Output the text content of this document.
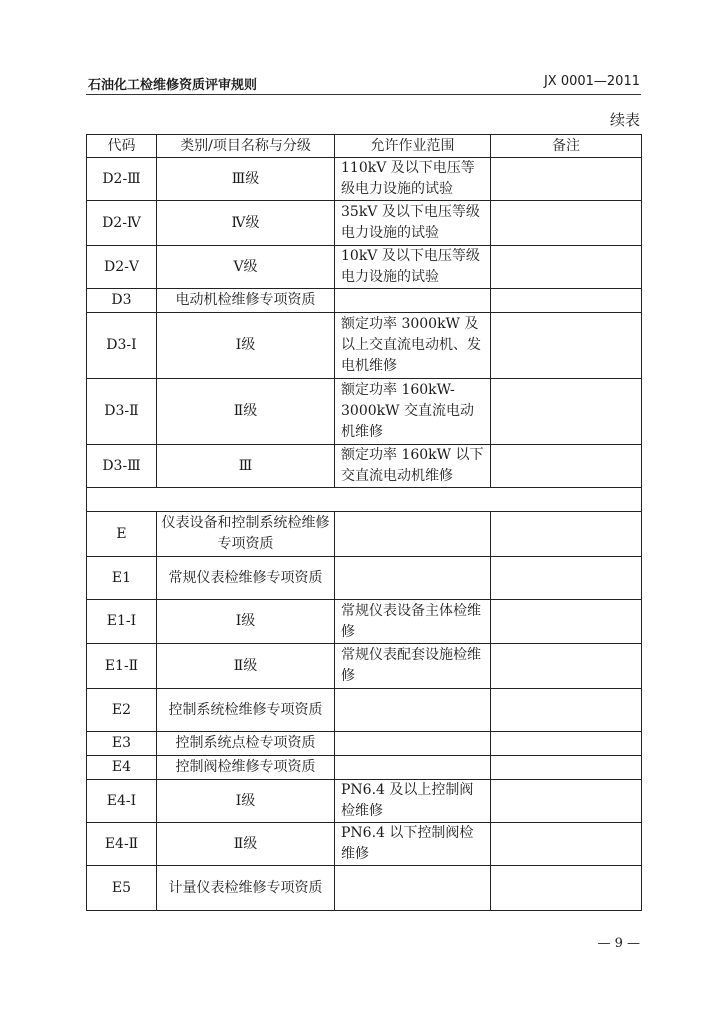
石油化工检维修资质评审规则	JX 0001—2011
续表
代码	类别/项目名称与分级	允许作业范围	备注
D2-Ⅲ	Ⅲ级	110kV 及以下电压等级电力设施的试验	
D2-Ⅳ	Ⅳ级	35kV 及以下电压等级电力设施的试验	
D2-Ⅴ	Ⅴ级	10kV 及以下电压等级电力设施的试验	
D3	电动机检维修专项资质		
D3-Ⅰ	Ⅰ级	额定功率 3000kW 及以上交直流电动机、发电机维修	
D3-Ⅱ	Ⅱ级	额定功率 160kW-3000kW 交直流电动机维修	
D3-Ⅲ	Ⅲ	额定功率 160kW 以下交直流电动机维修	

E	仪表设备和控制系统检维修专项资质		
E1	常规仪表检维修专项资质		
E1-Ⅰ	Ⅰ级	常规仪表设备主体检维修	
E1-Ⅱ	Ⅱ级	常规仪表配套设施检维修	
E2	控制系统检维修专项资质		
E3	控制系统点检专项资质		
E4	控制阀检维修专项资质		
E4-Ⅰ	Ⅰ级	PN6.4 及以上控制阀检维修	
E4-Ⅱ	Ⅱ级	PN6.4 以下控制阀检维修	
E5	计量仪表检维修专项资质		
— 9 —
